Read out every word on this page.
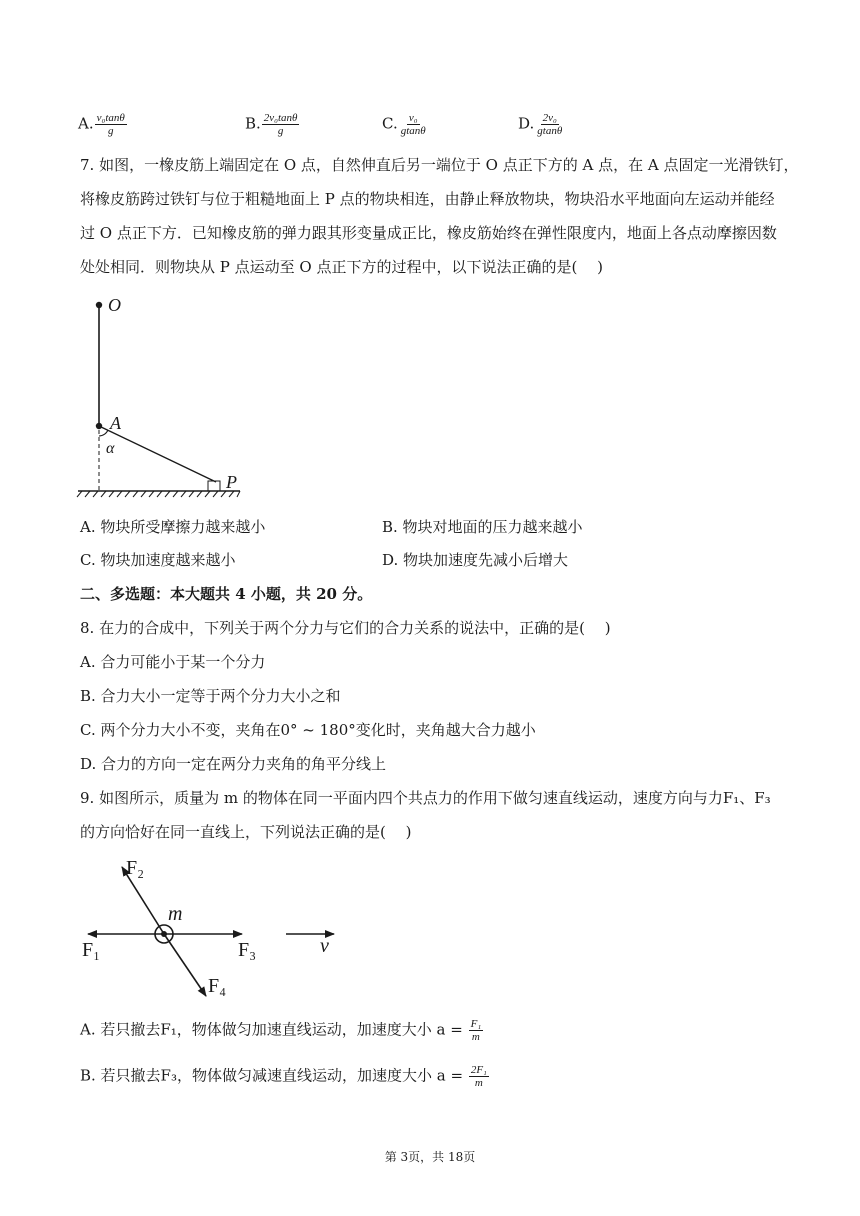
A. $\frac{\text{v₀tanθ}}{g}$	B. $\frac{\text{2v₀tanθ}}{g}$	C. $\frac{\text{v₀}}{gtan\theta}$	D. $\frac{\text{2v₀}}{gtan\theta}$
7. 如图，一橡皮筋上端固定在 O 点，自然伸直后另一端位于 O 点正下方的 A 点，在 A 点固定一光滑铁钉，
将橡皮筋跨过铁钉与位于粗糙地面上 P 点的物块相连，由静止释放物块，物块沿水平地面向左运动并能经
过 O 点正下方．已知橡皮筋的弹力跟其形变量成正比，橡皮筋始终在弹性限度内，地面上各点动摩擦因数
处处相同．则物块从 P 点运动至 O 点正下方的过程中，以下说法正确的是(　 )
O
A
α
P
A. 物块所受摩擦力越来越小	B. 物块对地面的压力越来越小
C. 物块加速度越来越小	D. 物块加速度先减小后增大
二、多选题：本大题共 4 小题，共 20 分。
8. 在力的合成中，下列关于两个分力与它们的合力关系的说法中，正确的是(　 )
A. 合力可能小于某一个分力
B. 合力大小一定等于两个分力大小之和
C. 两个分力大小不变，夹角在0° ~ 180°变化时，夹角越大合力越小
D. 合力的方向一定在两分力夹角的角平分线上
9. 如图所示，质量为 m 的物体在同一平面内四个共点力的作用下做匀速直线运动，速度方向与力F₁、F₃
的方向恰好在同一直线上，下列说法正确的是(　 )
F₂
m
F₁	F₃
F₄
v
A. 若只撤去F₁，物体做匀加速直线运动，加速度大小 $a = \frac{\text{F₁}}{m}$
B. 若只撤去F₃，物体做匀减速直线运动，加速度大小 $a = \frac{\text{2F₁}}{m}$
第 3页，共 18页
